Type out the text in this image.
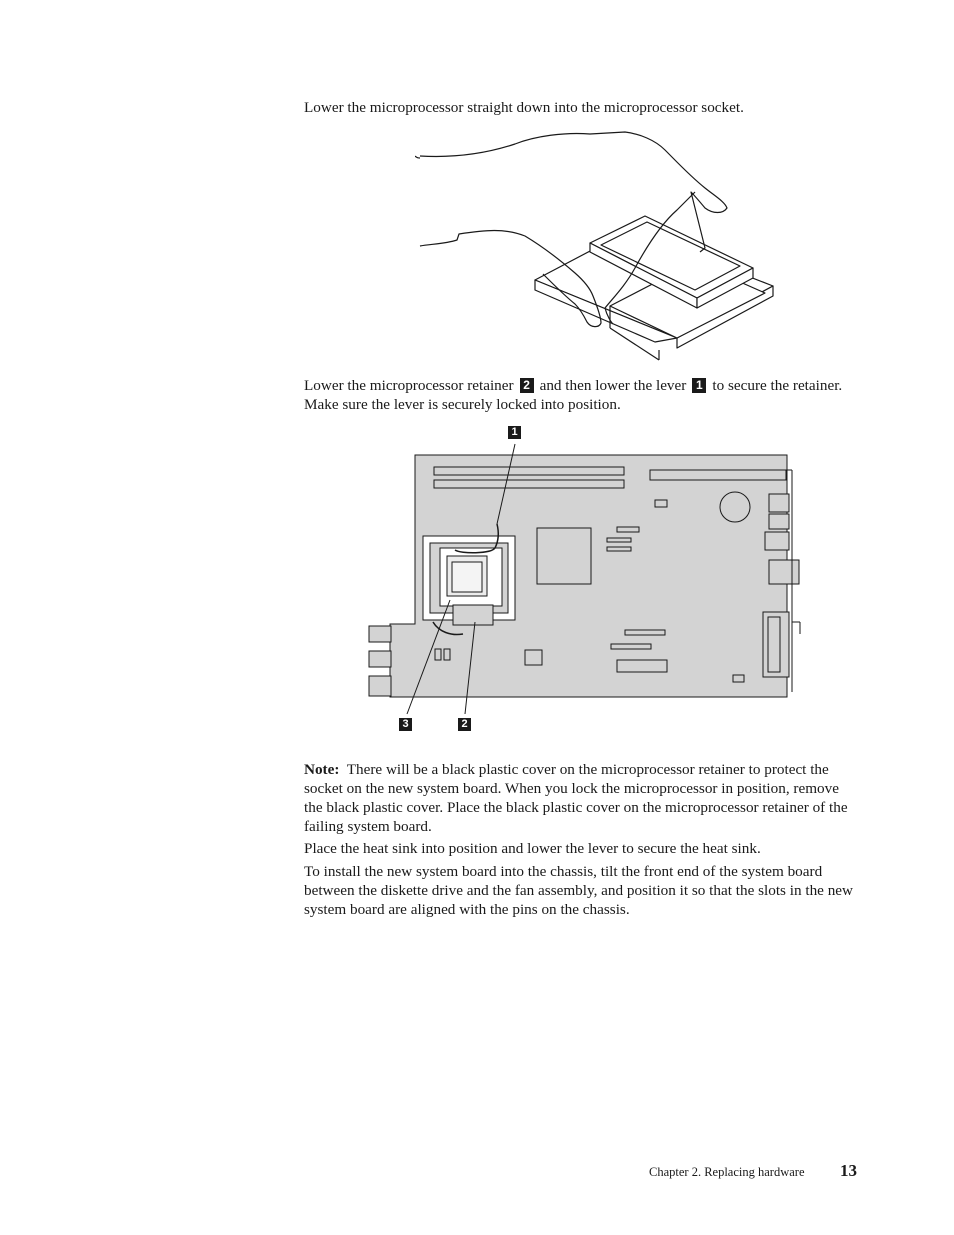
Lower the microprocessor straight down into the microprocessor socket.

Lower the microprocessor retainer 2 and then lower the lever 1 to secure the retainer. Make sure the lever is securely locked into position.

1
2
3

Note: There will be a black plastic cover on the microprocessor retainer to protect the socket on the new system board. When you lock the microprocessor in position, remove the black plastic cover. Place the black plastic cover on the microprocessor retainer of the failing system board.

Place the heat sink into position and lower the lever to secure the heat sink.

To install the new system board into the chassis, tilt the front end of the system board between the diskette drive and the fan assembly, and position it so that the slots in the new system board are aligned with the pins on the chassis.

Chapter 2. Replacing hardware 13
